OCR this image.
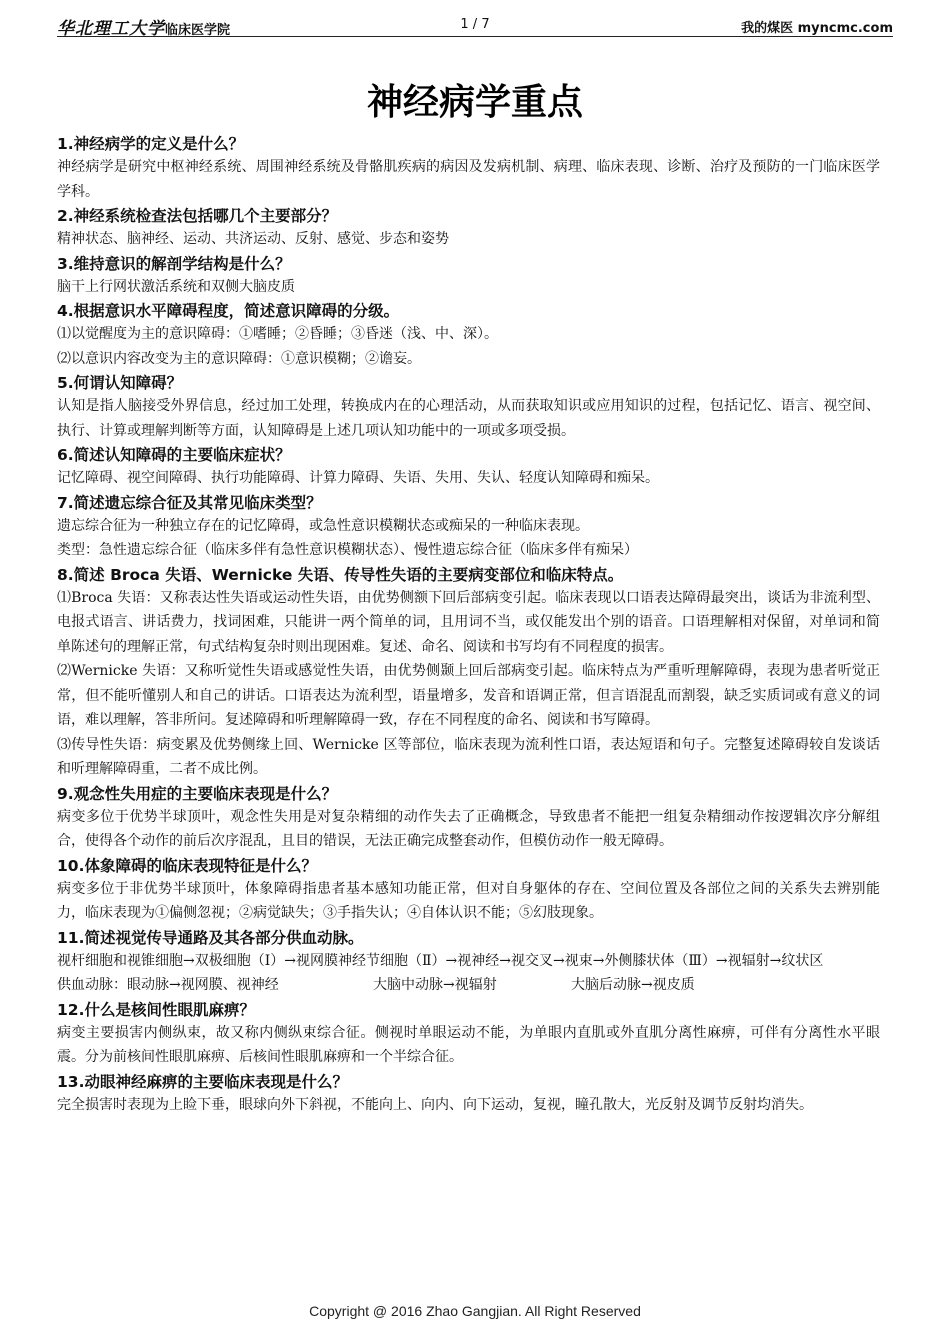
华北理工大学临床医学院	1 / 7	我的煤医 myncmc.com
神经病学重点
1.神经病学的定义是什么？
神经病学是研究中枢神经系统、周围神经系统及骨骼肌疾病的病因及发病机制、病理、临床表现、诊断、治疗及预防的一门临床医学学科。
2.神经系统检查法包括哪几个主要部分？
精神状态、脑神经、运动、共济运动、反射、感觉、步态和姿势
3.维持意识的解剖学结构是什么？
脑干上行网状激活系统和双侧大脑皮质
4.根据意识水平障碍程度，简述意识障碍的分级。
⑴以觉醒度为主的意识障碍：①嗜睡；②昏睡；③昏迷（浅、中、深）。
⑵以意识内容改变为主的意识障碍：①意识模糊；②谵妄。
5.何谓认知障碍？
认知是指人脑接受外界信息，经过加工处理，转换成内在的心理活动，从而获取知识或应用知识的过程，包括记忆、语言、视空间、执行、计算或理解判断等方面，认知障碍是上述几项认知功能中的一项或多项受损。
6.简述认知障碍的主要临床症状？
记忆障碍、视空间障碍、执行功能障碍、计算力障碍、失语、失用、失认、轻度认知障碍和痴呆。
7.简述遗忘综合征及其常见临床类型？
遗忘综合征为一种独立存在的记忆障碍，或急性意识模糊状态或痴呆的一种临床表现。
类型：急性遗忘综合征（临床多伴有急性意识模糊状态）、慢性遗忘综合征（临床多伴有痴呆）
8.简述 Broca 失语、Wernicke 失语、传导性失语的主要病变部位和临床特点。
⑴Broca 失语：又称表达性失语或运动性失语，由优势侧额下回后部病变引起。临床表现以口语表达障碍最突出，谈话为非流利型、电报式语言、讲话费力，找词困难，只能讲一两个简单的词，且用词不当，或仅能发出个别的语音。口语理解相对保留，对单词和简单陈述句的理解正常，句式结构复杂时则出现困难。复述、命名、阅读和书写均有不同程度的损害。
⑵Wernicke 失语：又称听觉性失语或感觉性失语，由优势侧颞上回后部病变引起。临床特点为严重听理解障碍，表现为患者听觉正常，但不能听懂别人和自己的讲话。口语表达为流利型，语量增多，发音和语调正常，但言语混乱而割裂，缺乏实质词或有意义的词语，难以理解，答非所问。复述障碍和听理解障碍一致，存在不同程度的命名、阅读和书写障碍。
⑶传导性失语：病变累及优势侧缘上回、Wernicke 区等部位，临床表现为流利性口语，表达短语和句子。完整复述障碍较自发谈话和听理解障碍重，二者不成比例。
9.观念性失用症的主要临床表现是什么？
病变多位于优势半球顶叶，观念性失用是对复杂精细的动作失去了正确概念，导致患者不能把一组复杂精细动作按逻辑次序分解组合，使得各个动作的前后次序混乱，且目的错误，无法正确完成整套动作，但模仿动作一般无障碍。
10.体象障碍的临床表现特征是什么？
病变多位于非优势半球顶叶，体象障碍指患者基本感知功能正常，但对自身躯体的存在、空间位置及各部位之间的关系失去辨别能力，临床表现为①偏侧忽视；②病觉缺失；③手指失认；④自体认识不能；⑤幻肢现象。
11.简述视觉传导通路及其各部分供血动脉。
视杆细胞和视锥细胞→双极细胞（Ⅰ）→视网膜神经节细胞（Ⅱ）→视神经→视交叉→视束→外侧膝状体（Ⅲ）→视辐射→纹状区
供血动脉：眼动脉→视网膜、视神经	大脑中动脉→视辐射	大脑后动脉→视皮质
12.什么是核间性眼肌麻痹？
病变主要损害内侧纵束，故又称内侧纵束综合征。侧视时单眼运动不能，为单眼内直肌或外直肌分离性麻痹，可伴有分离性水平眼震。分为前核间性眼肌麻痹、后核间性眼肌麻痹和一个半综合征。
13.动眼神经麻痹的主要临床表现是什么？
完全损害时表现为上睑下垂，眼球向外下斜视，不能向上、向内、向下运动，复视，瞳孔散大，光反射及调节反射均消失。
Copyright @ 2016 Zhao Gangjian. All Right Reserved
